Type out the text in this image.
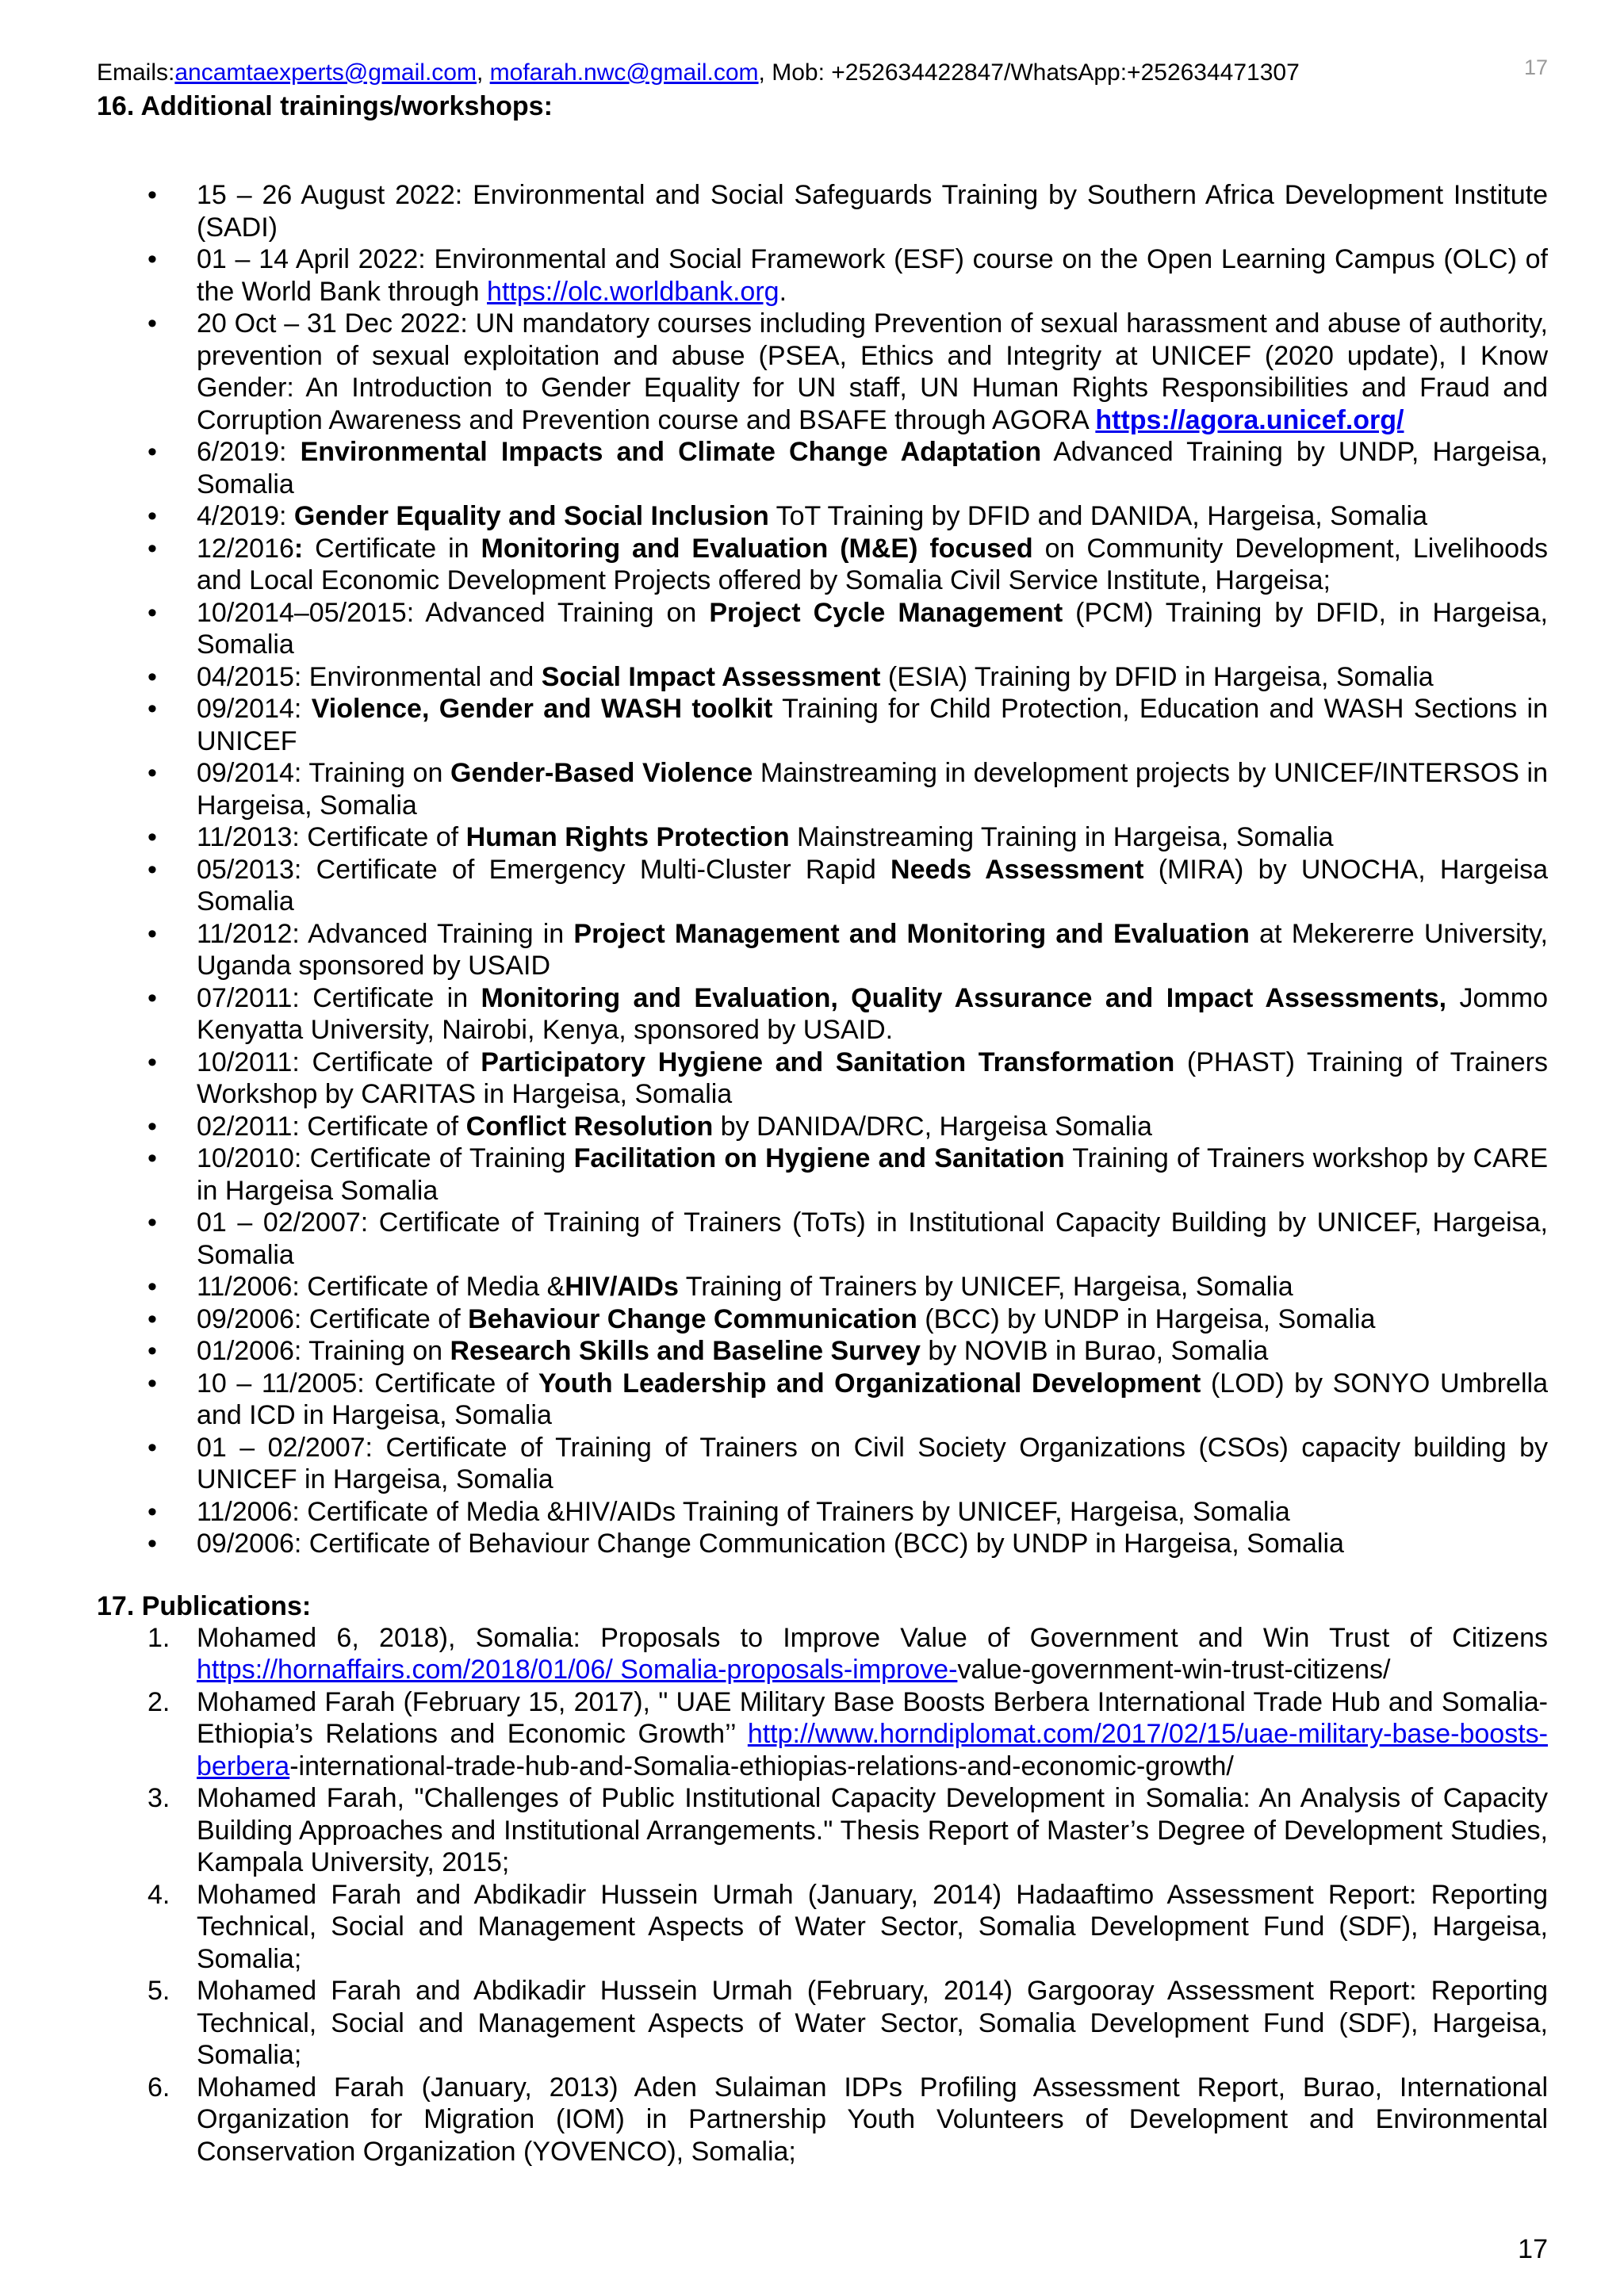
Emails:ancamtaexperts@gmail.com, mofarah.nwc@gmail.com, Mob: +252634422847/WhatsApp:+252634471307	17
16. Additional trainings/workshops:
• 15 – 26 August 2022: Environmental and Social Safeguards Training by Southern Africa Development Institute (SADI)
• 01 – 14 April 2022: Environmental and Social Framework (ESF) course on the Open Learning Campus (OLC) of the World Bank through https://olc.worldbank.org.
• 20 Oct – 31 Dec 2022: UN mandatory courses including Prevention of sexual harassment and abuse of authority, prevention of sexual exploitation and abuse (PSEA, Ethics and Integrity at UNICEF (2020 update), I Know Gender: An Introduction to Gender Equality for UN staff, UN Human Rights Responsibilities and Fraud and Corruption Awareness and Prevention course and BSAFE through AGORA https://agora.unicef.org/
• 6/2019: Environmental Impacts and Climate Change Adaptation Advanced Training by UNDP, Hargeisa, Somalia
• 4/2019: Gender Equality and Social Inclusion ToT Training by DFID and DANIDA, Hargeisa, Somalia
• 12/2016: Certificate in Monitoring and Evaluation (M&E) focused on Community Development, Livelihoods and Local Economic Development Projects offered by Somalia Civil Service Institute, Hargeisa;
• 10/2014–05/2015: Advanced Training on Project Cycle Management (PCM) Training by DFID, in Hargeisa, Somalia
• 04/2015: Environmental and Social Impact Assessment (ESIA) Training by DFID in Hargeisa, Somalia
• 09/2014: Violence, Gender and WASH toolkit Training for Child Protection, Education and WASH Sections in UNICEF
• 09/2014: Training on Gender-Based Violence Mainstreaming in development projects by UNICEF/INTERSOS in Hargeisa, Somalia
• 11/2013: Certificate of Human Rights Protection Mainstreaming Training in Hargeisa, Somalia
• 05/2013: Certificate of Emergency Multi-Cluster Rapid Needs Assessment (MIRA) by UNOCHA, Hargeisa Somalia
• 11/2012: Advanced Training in Project Management and Monitoring and Evaluation at Mekererre University, Uganda sponsored by USAID
• 07/2011: Certificate in Monitoring and Evaluation, Quality Assurance and Impact Assessments, Jommo Kenyatta University, Nairobi, Kenya, sponsored by USAID.
• 10/2011: Certificate of Participatory Hygiene and Sanitation Transformation (PHAST) Training of Trainers Workshop by CARITAS in Hargeisa, Somalia
• 02/2011: Certificate of Conflict Resolution by DANIDA/DRC, Hargeisa Somalia
• 10/2010: Certificate of Training Facilitation on Hygiene and Sanitation Training of Trainers workshop by CARE in Hargeisa Somalia
• 01 – 02/2007: Certificate of Training of Trainers (ToTs) in Institutional Capacity Building by UNICEF, Hargeisa, Somalia
• 11/2006: Certificate of Media &HIV/AIDs Training of Trainers by UNICEF, Hargeisa, Somalia
• 09/2006: Certificate of Behaviour Change Communication (BCC) by UNDP in Hargeisa, Somalia
• 01/2006: Training on Research Skills and Baseline Survey by NOVIB in Burao, Somalia
• 10 – 11/2005: Certificate of Youth Leadership and Organizational Development (LOD) by SONYO Umbrella and ICD in Hargeisa, Somalia
• 01 – 02/2007: Certificate of Training of Trainers on Civil Society Organizations (CSOs) capacity building by UNICEF in Hargeisa, Somalia
• 11/2006: Certificate of Media &HIV/AIDs Training of Trainers by UNICEF, Hargeisa, Somalia
• 09/2006: Certificate of Behaviour Change Communication (BCC) by UNDP in Hargeisa, Somalia
17. Publications:
1. Mohamed 6, 2018), Somalia: Proposals to Improve Value of Government and Win Trust of Citizens https://hornaffairs.com/2018/01/06/ Somalia-proposals-improve-value-government-win-trust-citizens/
2. Mohamed Farah (February 15, 2017), " UAE Military Base Boosts Berbera International Trade Hub and Somalia-Ethiopia’s Relations and Economic Growth’’ http://www.horndiplomat.com/2017/02/15/uae-military-base-boosts-berbera-international-trade-hub-and-Somalia-ethiopias-relations-and-economic-growth/
3. Mohamed Farah, "Challenges of Public Institutional Capacity Development in Somalia: An Analysis of Capacity Building Approaches and Institutional Arrangements." Thesis Report of Master’s Degree of Development Studies, Kampala University, 2015;
4. Mohamed Farah and Abdikadir Hussein Urmah (January, 2014) Hadaaftimo Assessment Report: Reporting Technical, Social and Management Aspects of Water Sector, Somalia Development Fund (SDF), Hargeisa, Somalia;
5. Mohamed Farah and Abdikadir Hussein Urmah (February, 2014) Gargooray Assessment Report: Reporting Technical, Social and Management Aspects of Water Sector, Somalia Development Fund (SDF), Hargeisa, Somalia;
6. Mohamed Farah (January, 2013) Aden Sulaiman IDPs Profiling Assessment Report, Burao, International Organization for Migration (IOM) in Partnership Youth Volunteers of Development and Environmental Conservation Organization (YOVENCO), Somalia;
17
